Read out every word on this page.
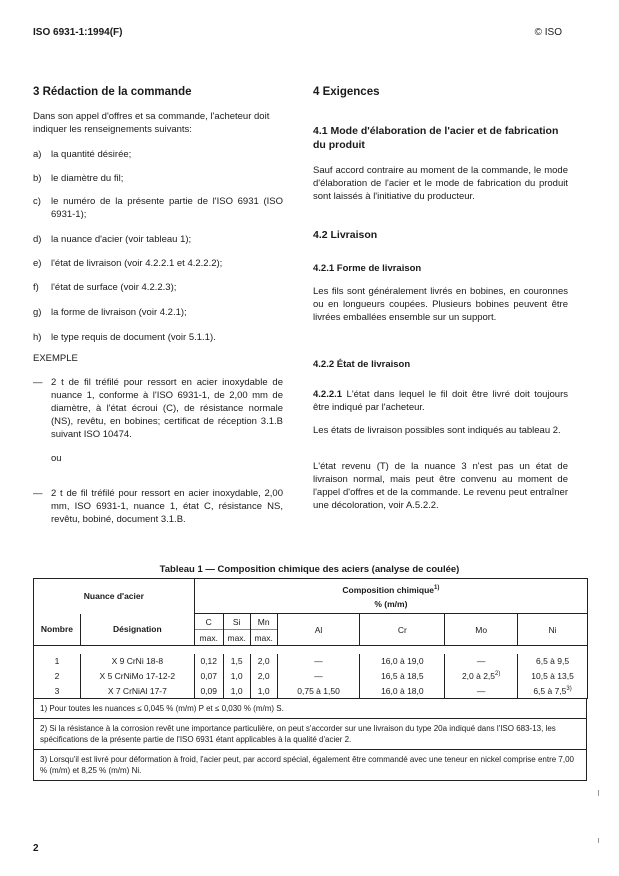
ISO 6931-1:1994(F)	© ISO
3 Rédaction de la commande
Dans son appel d'offres et sa commande, l'acheteur doit indiquer les renseignements suivants:
a) la quantité désirée;
b) le diamètre du fil;
c) le numéro de la présente partie de l'ISO 6931 (ISO 6931-1);
d) la nuance d'acier (voir tableau 1);
e) l'état de livraison (voir 4.2.2.1 et 4.2.2.2);
f) l'état de surface (voir 4.2.2.3);
g) la forme de livraison (voir 4.2.1);
h) le type requis de document (voir 5.1.1).
EXEMPLE
— 2 t de fil tréfilé pour ressort en acier inoxydable de nuance 1, conforme à l'ISO 6931-1, de 2,00 mm de diamètre, à l'état écroui (C), de résistance normale (NS), revêtu, en bobines; certificat de réception 3.1.B suivant ISO 10474.
ou
— 2 t de fil tréfilé pour ressort en acier inoxydable, 2,00 mm, ISO 6931-1, nuance 1, état C, résistance NS, revêtu, bobiné, document 3.1.B.
4 Exigences
4.1 Mode d'élaboration de l'acier et de fabrication du produit
Sauf accord contraire au moment de la commande, le mode d'élaboration de l'acier et le mode de fabrication du produit sont laissés à l'initiative du producteur.
4.2 Livraison
4.2.1 Forme de livraison
Les fils sont généralement livrés en bobines, en couronnes ou en longueurs coupées. Plusieurs bobines peuvent être livrées emballées ensemble sur un support.
4.2.2 État de livraison
4.2.2.1 L'état dans lequel le fil doit être livré doit toujours être indiqué par l'acheteur.
Les états de livraison possibles sont indiqués au tableau 2.
L'état revenu (T) de la nuance 3 n'est pas un état de livraison normal, mais peut être convenu au moment de l'appel d'offres et de la commande. Le revenu peut entraîner une décoloration, voir A.5.2.2.
Tableau 1 — Composition chimique des aciers (analyse de coulée)
Nuance d'acier		Composition chimique$^{1)}$
% (m/m)						
Nombre	Désignation	C	Si	Mn	Al	Cr	Mo	Ni
		max.	max.	max.				

1	X 9 CrNi 18-8	0,12	1,5	2,0	—	16,0 à 19,0	—	6,5 à 9,5
2	X 5 CrNiMo 17-12-2	0,07	1,0	2,0	—	16,5 à 18,5	2,0 à 2,5$^{2)}$	10,5 à 13,5
3	X 7 CrNiAl 17-7	0,09	1,0	1,0	0,75 à 1,50	16,0 à 18,0	—	6,5 à 7,5$^{3)}$
1) Pour toutes les nuances ≤ 0,045 % (m/m) P et ≤ 0,030 % (m/m) S.
2) Si la résistance à la corrosion revêt une importance particulière, on peut s'accorder sur une livraison du type 20a indiqué dans l'ISO 683-13, les spécifications de la présente partie de l'ISO 6931 étant applicables à la qualité d'acier 2.
3) Lorsqu'il est livré pour déformation à froid, l'acier peut, par accord spécial, également être commandé avec une teneur en nickel comprise entre 7,00 % (m/m) et 8,25 % (m/m) Ni.
2
